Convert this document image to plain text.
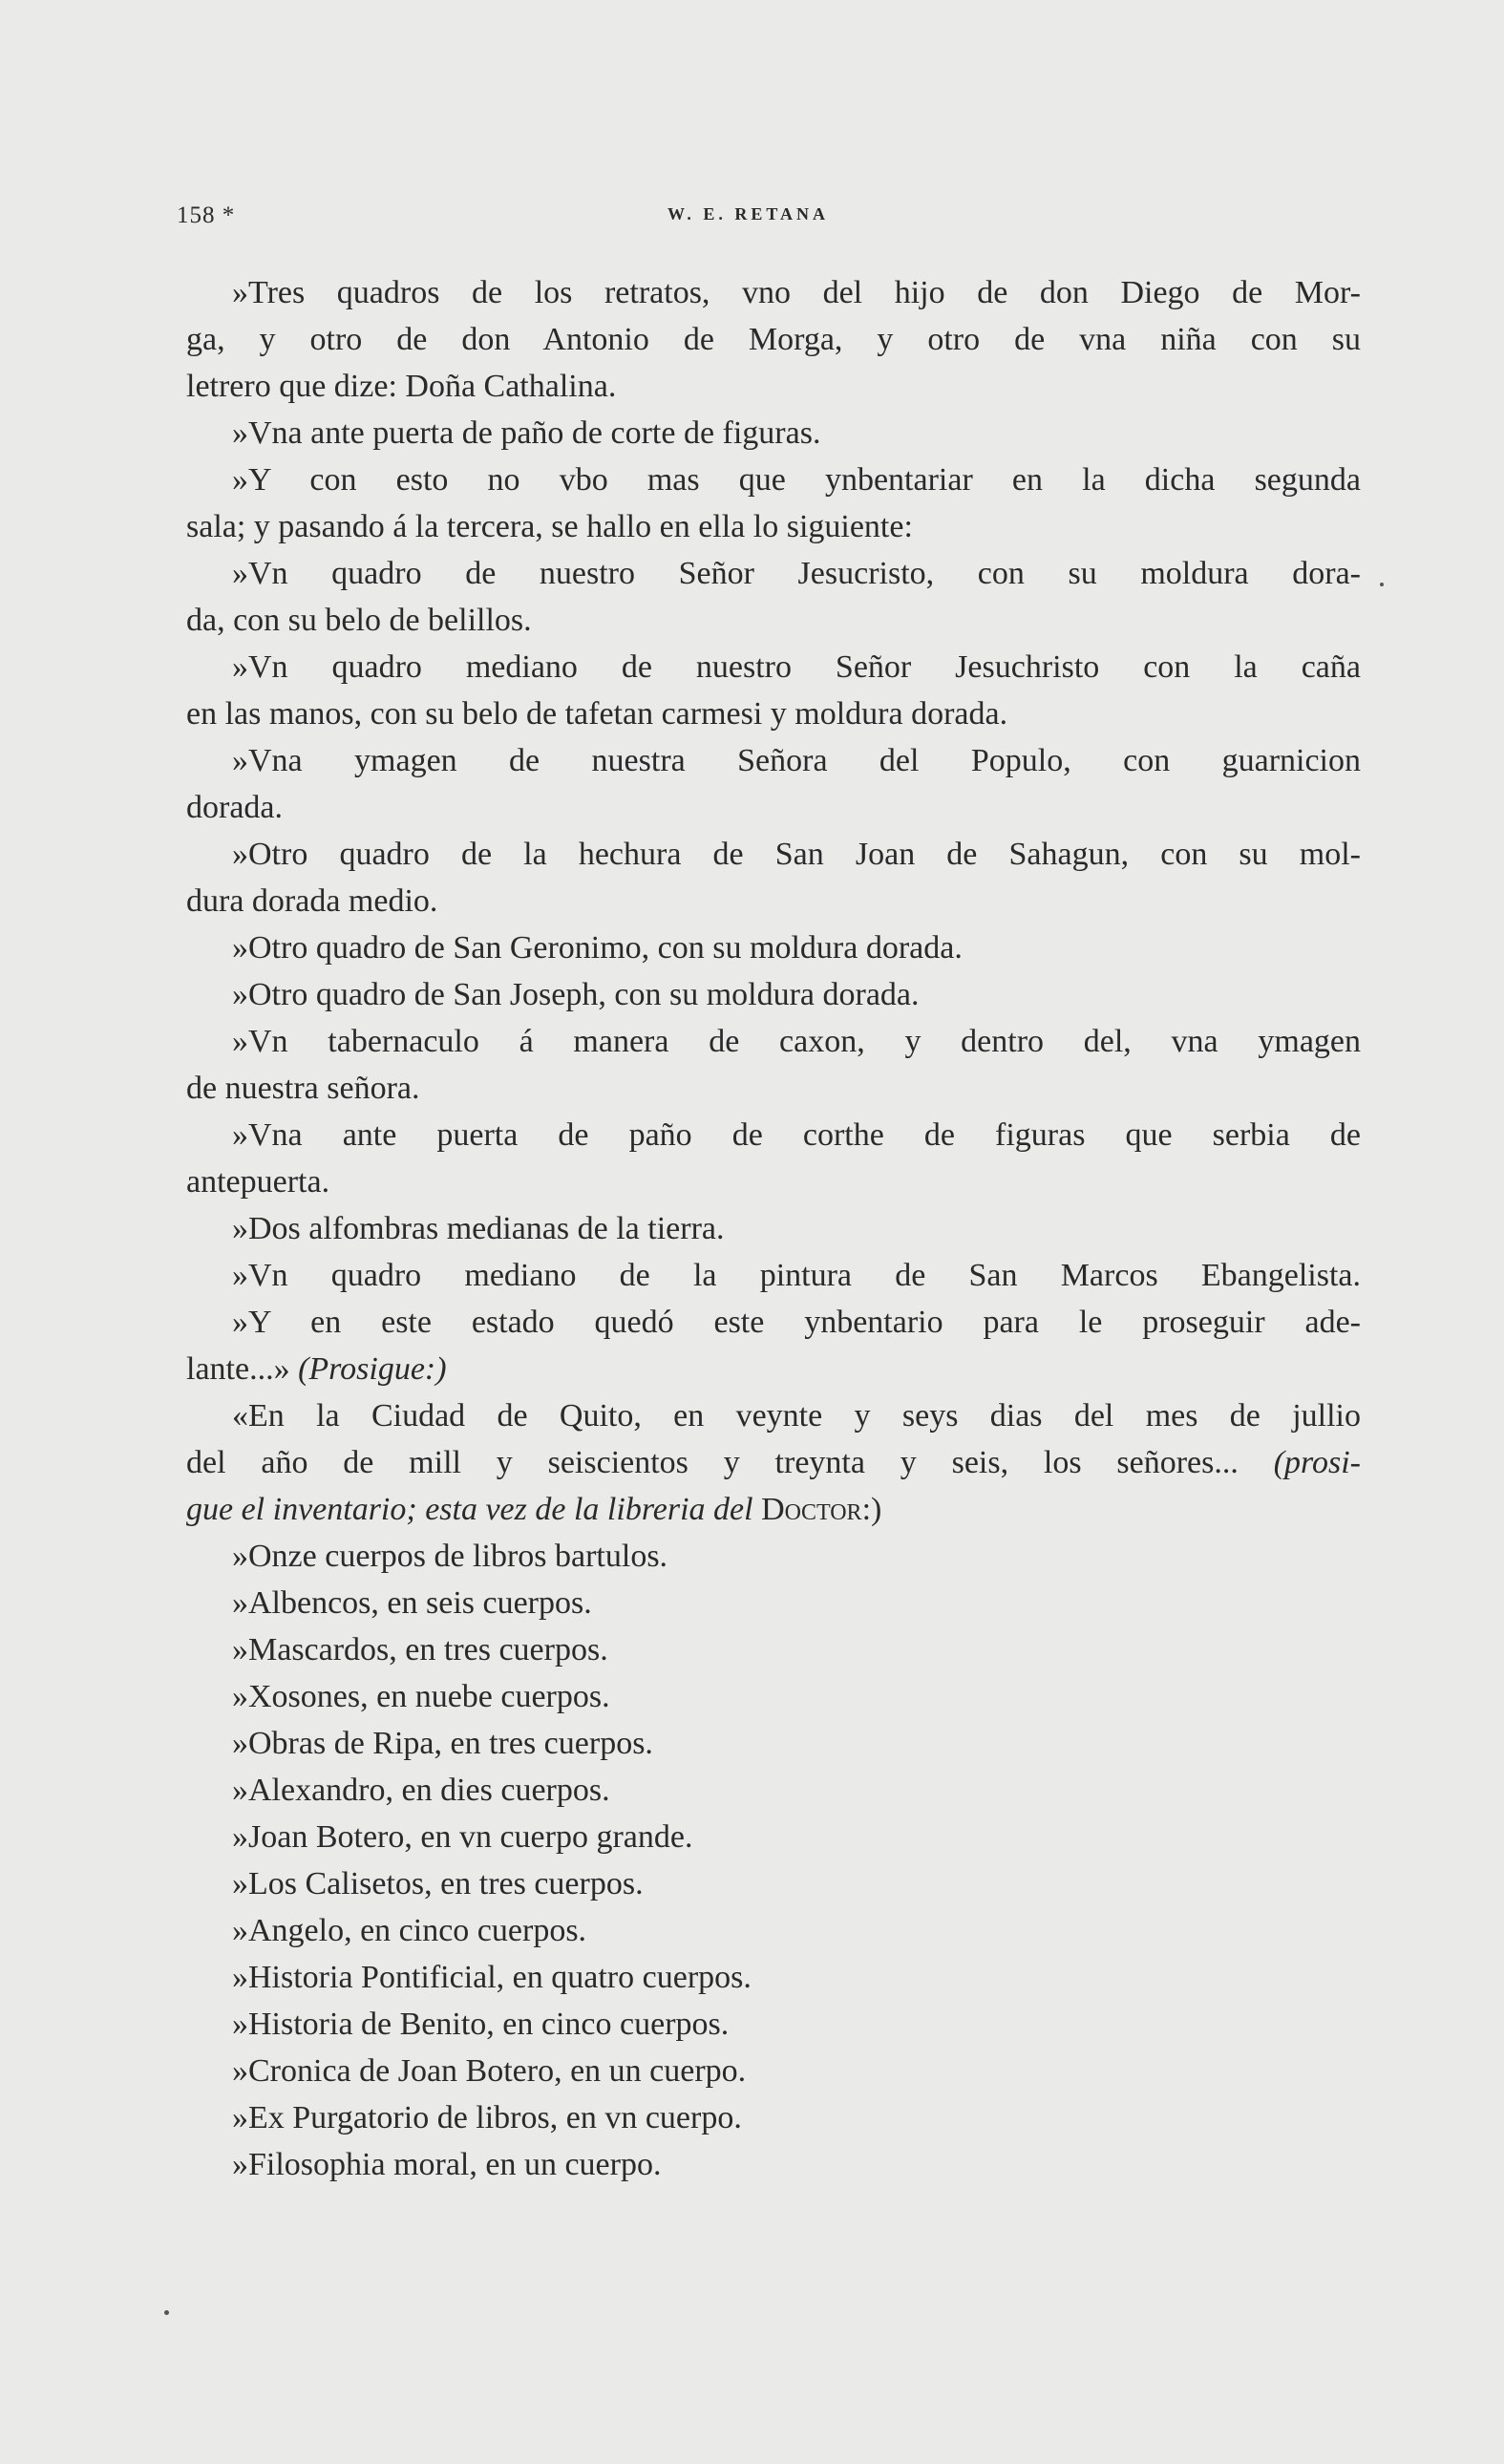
158 *	W. E. RETANA
»Tres quadros de los retratos, vno del hijo de don Diego de Mor-
ga, y otro de don Antonio de Morga, y otro de vna niña con su
letrero que dize: Doña Cathalina.
»Vna ante puerta de paño de corte de figuras.
»Y con esto no vbo mas que ynbentariar en la dicha segunda
sala; y pasando á la tercera, se hallo en ella lo siguiente:
»Vn quadro de nuestro Señor Jesucristo, con su moldura dora-
da, con su belo de belillos.
»Vn quadro mediano de nuestro Señor Jesuchristo con la caña
en las manos, con su belo de tafetan carmesi y moldura dorada.
»Vna ymagen de nuestra Señora del Populo, con guarnicion
dorada.
»Otro quadro de la hechura de San Joan de Sahagun, con su mol-
dura dorada medio.
»Otro quadro de San Geronimo, con su moldura dorada.
»Otro quadro de San Joseph, con su moldura dorada.
»Vn tabernaculo á manera de caxon, y dentro del, vna ymagen
de nuestra señora.
»Vna ante puerta de paño de corthe de figuras que serbia de
antepuerta.
»Dos alfombras medianas de la tierra.
»Vn quadro mediano de la pintura de San Marcos Ebangelista.
»Y en este estado quedó este ynbentario para le proseguir ade-
lante...» (Prosigue:)
«En la Ciudad de Quito, en veynte y seys dias del mes de jullio
del año de mill y seiscientos y treynta y seis, los señores... (prosi-
gue el inventario; esta vez de la libreria del Doctor:)
»Onze cuerpos de libros bartulos.
»Albencos, en seis cuerpos.
»Mascardos, en tres cuerpos.
»Xosones, en nuebe cuerpos.
»Obras de Ripa, en tres cuerpos.
»Alexandro, en dies cuerpos.
»Joan Botero, en vn cuerpo grande.
»Los Calisetos, en tres cuerpos.
»Angelo, en cinco cuerpos.
»Historia Pontificial, en quatro cuerpos.
»Historia de Benito, en cinco cuerpos.
»Cronica de Joan Botero, en un cuerpo.
»Ex Purgatorio de libros, en vn cuerpo.
»Filosophia moral, en un cuerpo.
